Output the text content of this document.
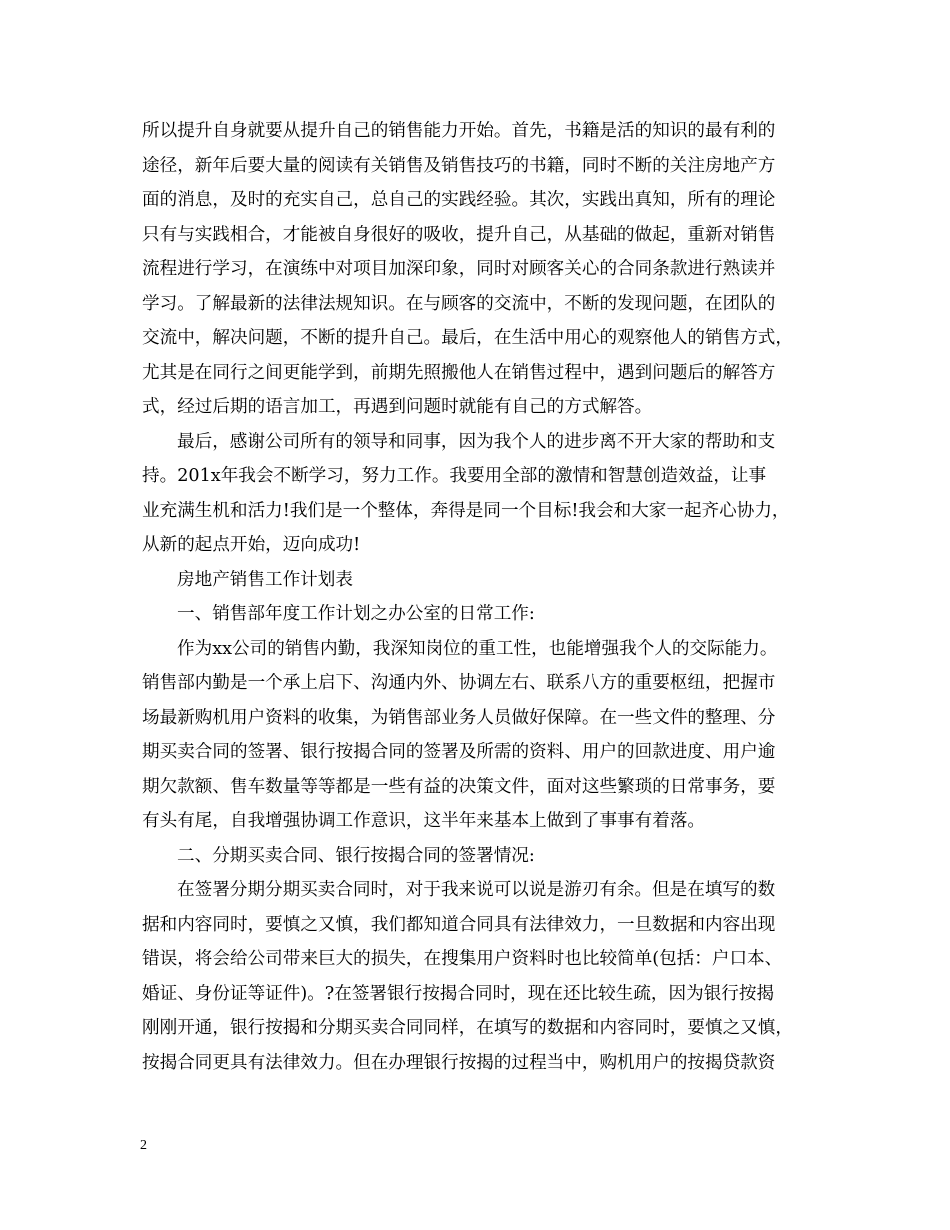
所以提升自身就要从提升自己的销售能力开始。首先，书籍是活的知识的最有利的
途径，新年后要大量的阅读有关销售及销售技巧的书籍，同时不断的关注房地产方
面的消息，及时的充实自己，总自己的实践经验。其次，实践出真知，所有的理论
只有与实践相合，才能被自身很好的吸收，提升自己，从基础的做起，重新对销售
流程进行学习，在演练中对项目加深印象，同时对顾客关心的合同条款进行熟读并
学习。了解最新的法律法规知识。在与顾客的交流中，不断的发现问题，在团队的
交流中，解决问题，不断的提升自己。最后，在生活中用心的观察他人的销售方式，
尤其是在同行之间更能学到，前期先照搬他人在销售过程中，遇到问题后的解答方
式，经过后期的语言加工，再遇到问题时就能有自己的方式解答。
最后，感谢公司所有的领导和同事，因为我个人的进步离不开大家的帮助和支
持。201x年我会不断学习，努力工作。我要用全部的激情和智慧创造效益，让事
业充满生机和活力!我们是一个整体，奔得是同一个目标!我会和大家一起齐心协力，
从新的起点开始，迈向成功!
房地产销售工作计划表
一、销售部年度工作计划之办公室的日常工作:
作为xx公司的销售内勤，我深知岗位的重工性，也能增强我个人的交际能力。
销售部内勤是一个承上启下、沟通内外、协调左右、联系八方的重要枢纽，把握市
场最新购机用户资料的收集，为销售部业务人员做好保障。在一些文件的整理、分
期买卖合同的签署、银行按揭合同的签署及所需的资料、用户的回款进度、用户逾
期欠款额、售车数量等等都是一些有益的决策文件，面对这些繁琐的日常事务，要
有头有尾，自我增强协调工作意识，这半年来基本上做到了事事有着落。
二、分期买卖合同、银行按揭合同的签署情况:
在签署分期分期买卖合同时，对于我来说可以说是游刃有余。但是在填写的数
据和内容同时，要慎之又慎，我们都知道合同具有法律效力，一旦数据和内容出现
错误，将会给公司带来巨大的损失，在搜集用户资料时也比较简单(包括：户口本、
婚证、身份证等证件)。?在签署银行按揭合同时，现在还比较生疏，因为银行按揭
刚刚开通，银行按揭和分期买卖合同同样，在填写的数据和内容同时，要慎之又慎，
按揭合同更具有法律效力。但在办理银行按揭的过程当中，购机用户的按揭贷款资
2
